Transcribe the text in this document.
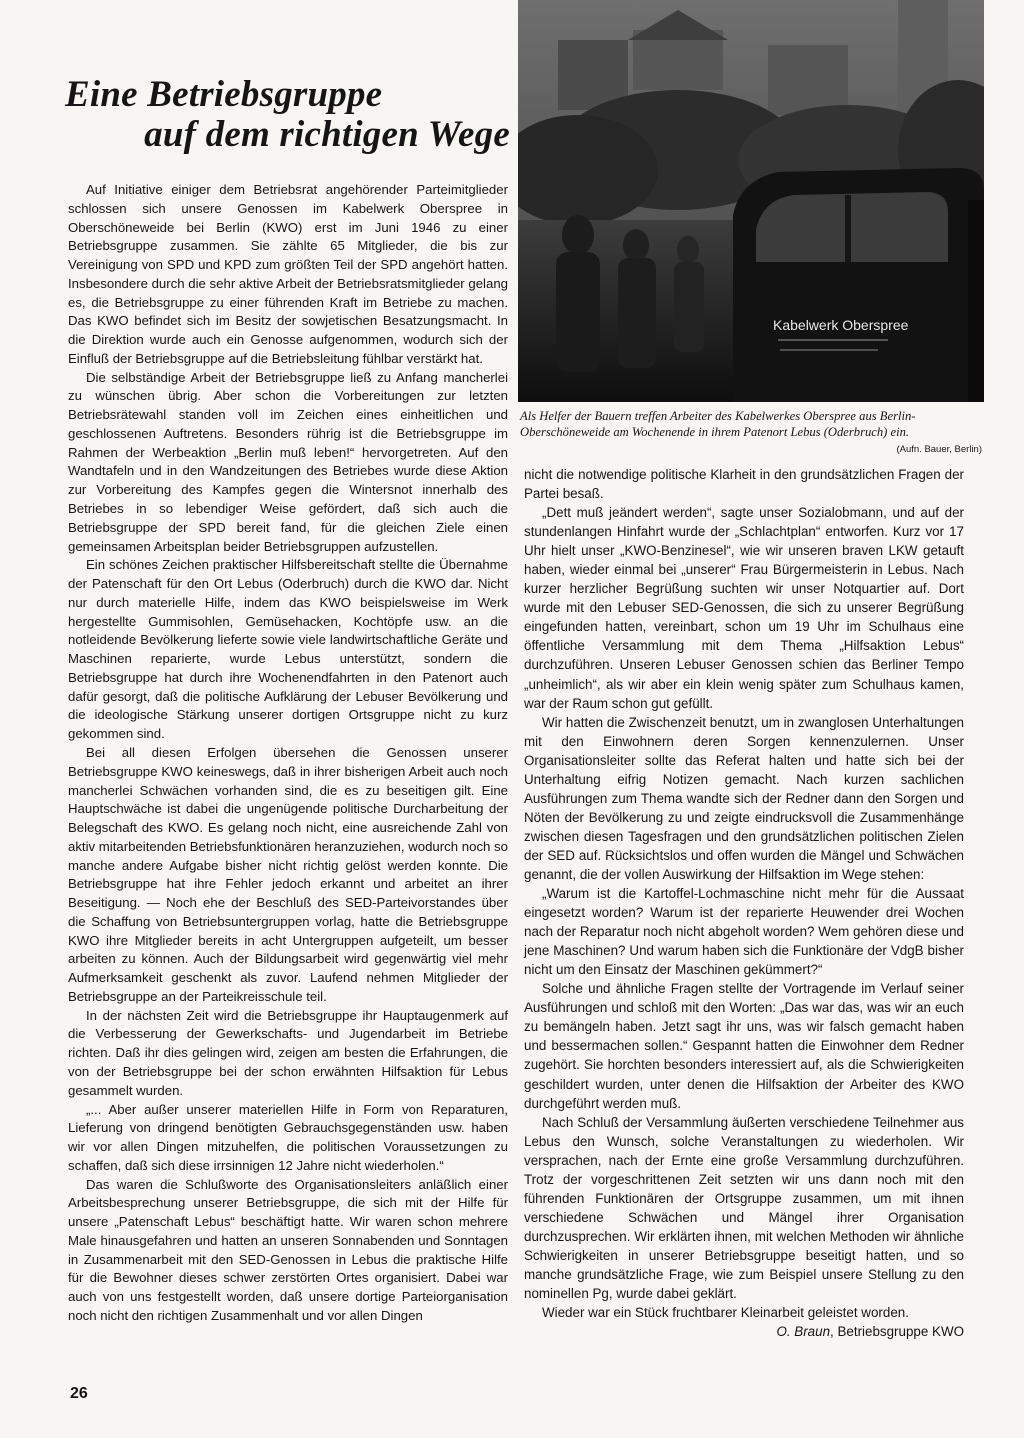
Eine Betriebsgruppe
auf dem richtigen Wege
Kabelwerk Oberspree

Als Helfer der Bauern treffen Arbeiter des Kabelwerkes Oberspree aus Berlin-Oberschöneweide am Wochenende in ihrem Patenort Lebus (Oderbruch) ein.
(Aufn. Bauer, Berlin)

Auf Initiative einiger dem Betriebsrat angehörender Parteimitglieder schlossen sich unsere Genossen im Kabelwerk Oberspree in Oberschöneweide bei Berlin (KWO) erst im Juni 1946 zu einer Betriebsgruppe zusammen. Sie zählte 65 Mitglieder, die bis zur Vereinigung von SPD und KPD zum größten Teil der SPD angehört hatten. Insbesondere durch die sehr aktive Arbeit der Betriebsratsmitglieder gelang es, die Betriebsgruppe zu einer führenden Kraft im Betriebe zu machen. Das KWO befindet sich im Besitz der sowjetischen Besatzungsmacht. In die Direktion wurde auch ein Genosse aufgenommen, wodurch sich der Einfluß der Betriebsgruppe auf die Betriebsleitung fühlbar verstärkt hat.

Die selbständige Arbeit der Betriebsgruppe ließ zu Anfang mancherlei zu wünschen übrig. Aber schon die Vorbereitungen zur letzten Betriebsrätewahl standen voll im Zeichen eines einheitlichen und geschlossenen Auftretens. Besonders rührig ist die Betriebsgruppe im Rahmen der Werbeaktion „Berlin muß leben!“ hervorgetreten. Auf den Wandtafeln und in den Wandzeitungen des Betriebes wurde diese Aktion zur Vorbereitung des Kampfes gegen die Wintersnot innerhalb des Betriebes in so lebendiger Weise gefördert, daß sich auch die Betriebsgruppe der SPD bereit fand, für die gleichen Ziele einen gemeinsamen Arbeitsplan beider Betriebsgruppen aufzustellen.

Ein schönes Zeichen praktischer Hilfsbereitschaft stellte die Übernahme der Patenschaft für den Ort Lebus (Oderbruch) durch die KWO dar. Nicht nur durch materielle Hilfe, indem das KWO beispielsweise im Werk hergestellte Gummisohlen, Gemüsehacken, Kochtöpfe usw. an die notleidende Bevölkerung lieferte sowie viele landwirtschaftliche Geräte und Maschinen reparierte, wurde Lebus unterstützt, sondern die Betriebsgruppe hat durch ihre Wochenendfahrten in den Patenort auch dafür gesorgt, daß die politische Aufklärung der Lebuser Bevölkerung und die ideologische Stärkung unserer dortigen Ortsgruppe nicht zu kurz gekommen sind.

Bei all diesen Erfolgen übersehen die Genossen unserer Betriebsgruppe KWO keineswegs, daß in ihrer bisherigen Arbeit auch noch mancherlei Schwächen vorhanden sind, die es zu beseitigen gilt. Eine Hauptschwäche ist dabei die ungenügende politische Durcharbeitung der Belegschaft des KWO. Es gelang noch nicht, eine ausreichende Zahl von aktiv mitarbeitenden Betriebsfunktionären heranzuziehen, wodurch noch so manche andere Aufgabe bisher nicht richtig gelöst werden konnte. Die Betriebsgruppe hat ihre Fehler jedoch erkannt und arbeitet an ihrer Beseitigung. — Noch ehe der Beschluß des SED-Parteivorstandes über die Schaffung von Betriebsuntergruppen vorlag, hatte die Betriebsgruppe KWO ihre Mitglieder bereits in acht Untergruppen aufgeteilt, um besser arbeiten zu können. Auch der Bildungsarbeit wird gegenwärtig viel mehr Aufmerksamkeit geschenkt als zuvor. Laufend nehmen Mitglieder der Betriebsgruppe an der Parteikreisschule teil.

In der nächsten Zeit wird die Betriebsgruppe ihr Hauptaugenmerk auf die Verbesserung der Gewerkschafts- und Jugendarbeit im Betriebe richten. Daß ihr dies gelingen wird, zeigen am besten die Erfahrungen, die von der Betriebsgruppe bei der schon erwähnten Hilfsaktion für Lebus gesammelt wurden.

„... Aber außer unserer materiellen Hilfe in Form von Reparaturen, Lieferung von dringend benötigten Gebrauchsgegenständen usw. haben wir vor allen Dingen mitzuhelfen, die politischen Voraussetzungen zu schaffen, daß sich diese irrsinnigen 12 Jahre nicht wiederholen.“

Das waren die Schlußworte des Organisationsleiters anläßlich einer Arbeitsbesprechung unserer Betriebsgruppe, die sich mit der Hilfe für unsere „Patenschaft Lebus“ beschäftigt hatte. Wir waren schon mehrere Male hinausgefahren und hatten an unseren Sonnabenden und Sonntagen in Zusammenarbeit mit den SED-Genossen in Lebus die praktische Hilfe für die Bewohner dieses schwer zerstörten Ortes organisiert. Dabei war auch von uns festgestellt worden, daß unsere dortige Parteiorganisation noch nicht den richtigen Zusammenhalt und vor allen Dingen

nicht die notwendige politische Klarheit in den grundsätzlichen Fragen der Partei besaß.

„Dett muß jeändert werden“, sagte unser Sozialobmann, und auf der stundenlangen Hinfahrt wurde der „Schlachtplan“ entworfen. Kurz vor 17 Uhr hielt unser „KWO-Benzinesel“, wie wir unseren braven LKW getauft haben, wieder einmal bei „unserer“ Frau Bürgermeisterin in Lebus. Nach kurzer herzlicher Begrüßung suchten wir unser Notquartier auf. Dort wurde mit den Lebuser SED-Genossen, die sich zu unserer Begrüßung eingefunden hatten, vereinbart, schon um 19 Uhr im Schulhaus eine öffentliche Versammlung mit dem Thema „Hilfsaktion Lebus“ durchzuführen. Unseren Lebuser Genossen schien das Berliner Tempo „unheimlich“, als wir aber ein klein wenig später zum Schulhaus kamen, war der Raum schon gut gefüllt.

Wir hatten die Zwischenzeit benutzt, um in zwanglosen Unterhaltungen mit den Einwohnern deren Sorgen kennenzulernen. Unser Organisationsleiter sollte das Referat halten und hatte sich bei der Unterhaltung eifrig Notizen gemacht. Nach kurzen sachlichen Ausführungen zum Thema wandte sich der Redner dann den Sorgen und Nöten der Bevölkerung zu und zeigte eindrucksvoll die Zusammenhänge zwischen diesen Tagesfragen und den grundsätzlichen politischen Zielen der SED auf. Rücksichtslos und offen wurden die Mängel und Schwächen genannt, die der vollen Auswirkung der Hilfsaktion im Wege stehen:

„Warum ist die Kartoffel-Lochmaschine nicht mehr für die Aussaat eingesetzt worden? Warum ist der reparierte Heuwender drei Wochen nach der Reparatur noch nicht abgeholt worden? Wem gehören diese und jene Maschinen? Und warum haben sich die Funktionäre der VdgB bisher nicht um den Einsatz der Maschinen gekümmert?“

Solche und ähnliche Fragen stellte der Vortragende im Verlauf seiner Ausführungen und schloß mit den Worten: „Das war das, was wir an euch zu bemängeln haben. Jetzt sagt ihr uns, was wir falsch gemacht haben und bessermachen sollen.“ Gespannt hatten die Einwohner dem Redner zugehört. Sie horchten besonders interessiert auf, als die Schwierigkeiten geschildert wurden, unter denen die Hilfsaktion der Arbeiter des KWO durchgeführt werden muß.

Nach Schluß der Versammlung äußerten verschiedene Teilnehmer aus Lebus den Wunsch, solche Veranstaltungen zu wiederholen. Wir versprachen, nach der Ernte eine große Versammlung durchzuführen. Trotz der vorgeschrittenen Zeit setzten wir uns dann noch mit den führenden Funktionären der Ortsgruppe zusammen, um mit ihnen verschiedene Schwächen und Mängel ihrer Organisation durchzusprechen. Wir erklärten ihnen, mit welchen Methoden wir ähnliche Schwierigkeiten in unserer Betriebsgruppe beseitigt hatten, und so manche grundsätzliche Frage, wie zum Beispiel unsere Stellung zu den nominellen Pg, wurde dabei geklärt.

Wieder war ein Stück fruchtbarer Kleinarbeit geleistet worden.

O. Braun, Betriebsgruppe KWO

26
